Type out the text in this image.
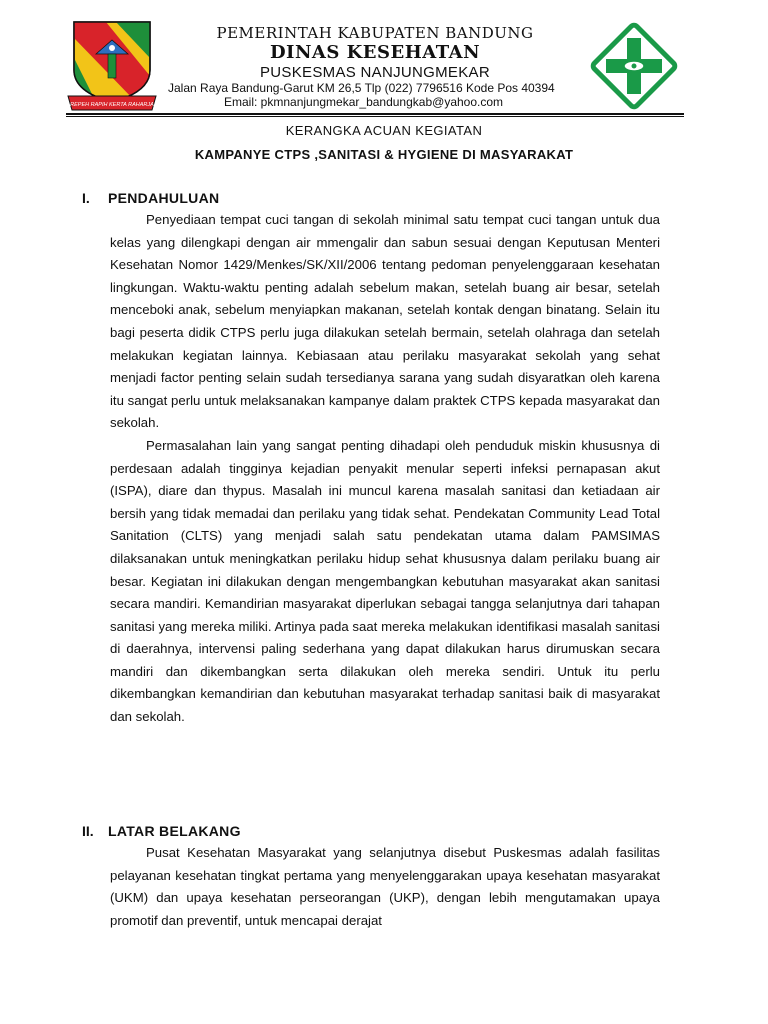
REPEH RAPIH KERTA RAHARJA
PEMERINTAH KABUPATEN BANDUNG
DINAS KESEHATAN
PUSKESMAS NANJUNGMEKAR
Jalan Raya Bandung-Garut KM 26,5 Tlp (022) 7796516 Kode Pos 40394
Email: pkmnanjungmekar_bandungkab@yahoo.com
KERANGKA ACUAN KEGIATAN
KAMPANYE CTPS ,SANITASI & HYGIENE DI MASYARAKAT
I. PENDAHULUAN

Penyediaan tempat cuci tangan di sekolah minimal satu tempat cuci tangan untuk dua kelas yang dilengkapi dengan air mmengalir dan sabun sesuai dengan Keputusan Menteri Kesehatan Nomor 1429/Menkes/SK/XII/2006 tentang pedoman penyelenggaraan kesehatan lingkungan. Waktu-waktu penting adalah sebelum makan, setelah buang air besar, setelah menceboki anak, sebelum menyiapkan makanan, setelah kontak dengan binatang. Selain itu bagi peserta didik CTPS perlu juga dilakukan setelah bermain, setelah olahraga dan setelah melakukan kegiatan lainnya. Kebiasaan atau perilaku masyarakat sekolah yang sehat menjadi factor penting selain sudah tersedianya sarana yang sudah disyaratkan oleh karena itu sangat perlu untuk melaksanakan kampanye dalam praktek CTPS kepada masyarakat dan sekolah.

Permasalahan lain yang sangat penting dihadapi oleh penduduk miskin khususnya di perdesaan adalah tingginya kejadian penyakit menular seperti infeksi pernapasan akut (ISPA), diare dan thypus. Masalah ini muncul karena masalah sanitasi dan ketiadaan air bersih yang tidak memadai dan perilaku yang tidak sehat. Pendekatan Community Lead Total Sanitation (CLTS) yang menjadi salah satu pendekatan utama dalam PAMSIMAS dilaksanakan untuk meningkatkan perilaku hidup sehat khususnya dalam perilaku buang air besar. Kegiatan ini dilakukan dengan mengembangkan kebutuhan masyarakat akan sanitasi secara mandiri. Kemandirian masyarakat diperlukan sebagai tangga selanjutnya dari tahapan sanitasi yang mereka miliki. Artinya pada saat mereka melakukan identifikasi masalah sanitasi di daerahnya, intervensi paling sederhana yang dapat dilakukan harus dirumuskan secara mandiri dan dikembangkan serta dilakukan oleh mereka sendiri. Untuk itu perlu dikembangkan kemandirian dan kebutuhan masyarakat terhadap sanitasi baik di masyarakat dan sekolah.

II. LATAR BELAKANG

Pusat Kesehatan Masyarakat yang selanjutnya disebut Puskesmas adalah fasilitas pelayanan kesehatan tingkat pertama yang menyelenggarakan upaya kesehatan masyarakat (UKM) dan upaya kesehatan perseorangan (UKP), dengan lebih mengutamakan upaya promotif dan preventif, untuk mencapai derajat
